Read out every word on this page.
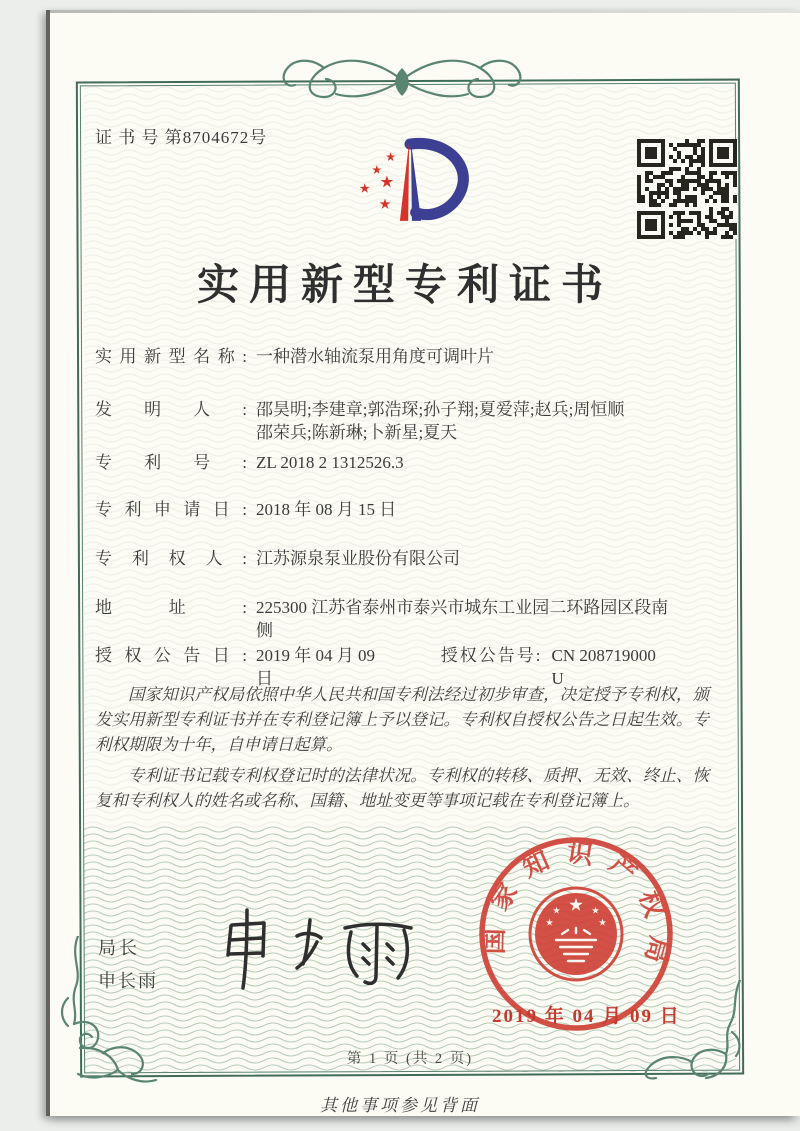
证 书 号 第8704672号
实用新型专利证书
实用新型名称: 一种潜水轴流泵用角度可调叶片
发明人: 邵昊明;李建章;郭浩琛;孙子翔;夏爱萍;赵兵;周恒顺
邵荣兵;陈新琳;卜新星;夏天
专利号: ZL 2018 2 1312526.3
专利申请日: 2018 年 08 月 15 日
专利权人: 江苏源泉泵业股份有限公司
地址: 225300 江苏省泰州市泰兴市城东工业园二环路园区段南
侧
授权公告日: 2019 年 04 月 09 日
授权公告号: CN 208719000 U

国家知识产权局依照中华人民共和国专利法经过初步审查，决定授予专利权，颁发实用新型专利证书并在专利登记簿上予以登记。专利权自授权公告之日起生效。专利权期限为十年，自申请日起算。

专利证书记载专利权登记时的法律状况。专利权的转移、质押、无效、终止、恢复和专利权人的姓名或名称、国籍、地址变更等事项记载在专利登记簿上。

局长
申长雨
国家知识产权局
2019 年 04 月 09 日
第 1 页 (共 2 页)
其他事项参见背面
